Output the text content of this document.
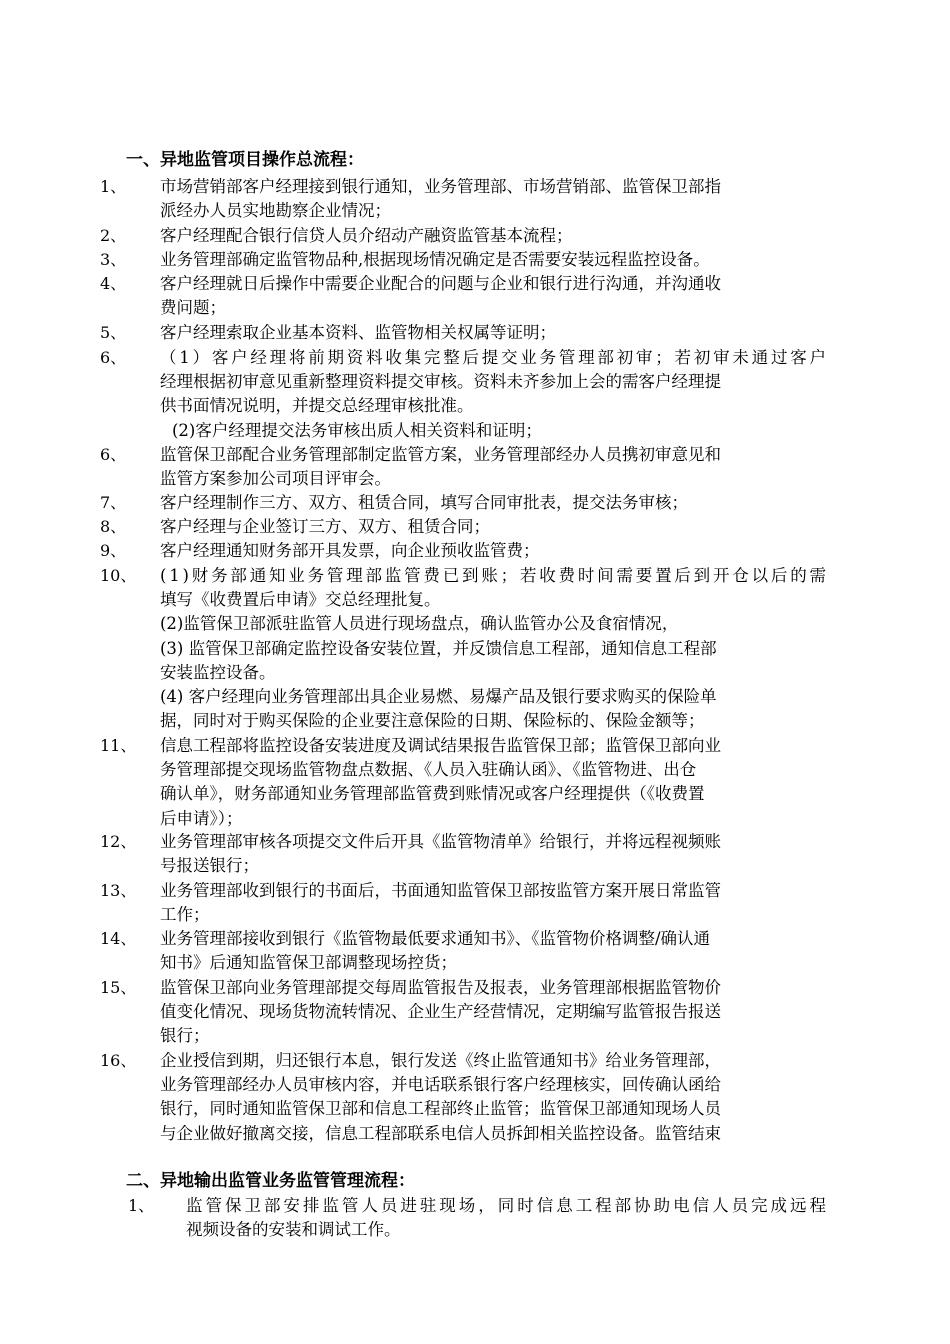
一、异地监管项目操作总流程：
1、 市场营销部客户经理接到银行通知，业务管理部、市场营销部、监管保卫部指
派经办人员实地勘察企业情况；
2、 客户经理配合银行信贷人员介绍动产融资监管基本流程；
3、 业务管理部确定监管物品种,根据现场情况确定是否需要安装远程监控设备。
4、 客户经理就日后操作中需要企业配合的问题与企业和银行进行沟通，并沟通收
费问题；
5、 客户经理索取企业基本资料、监管物相关权属等证明；
6、 （1）客户经理将前期资料收集完整后提交业务管理部初审；若初审未通过客户
经理根据初审意见重新整理资料提交审核。资料未齐参加上会的需客户经理提
供书面情况说明，并提交总经理审核批准。
(2)客户经理提交法务审核出质人相关资料和证明；
6、 监管保卫部配合业务管理部制定监管方案，业务管理部经办人员携初审意见和
监管方案参加公司项目评审会。
7、 客户经理制作三方、双方、租赁合同，填写合同审批表，提交法务审核；
8、 客户经理与企业签订三方、双方、租赁合同；
9、 客户经理通知财务部开具发票，向企业预收监管费；
10、 (1)财务部通知业务管理部监管费已到账；若收费时间需要置后到开仓以后的需
填写《收费置后申请》交总经理批复。
(2)监管保卫部派驻监管人员进行现场盘点，确认监管办公及食宿情况，
(3) 监管保卫部确定监控设备安装位置，并反馈信息工程部，通知信息工程部
安装监控设备。
(4) 客户经理向业务管理部出具企业易燃、易爆产品及银行要求购买的保险单
据，同时对于购买保险的企业要注意保险的日期、保险标的、保险金额等；
11、 信息工程部将监控设备安装进度及调试结果报告监管保卫部；监管保卫部向业
务管理部提交现场监管物盘点数据、《人员入驻确认函》、《监管物进、出仓
确认单》，财务部通知业务管理部监管费到账情况或客户经理提供（《收费置
后申请》）；
12、 业务管理部审核各项提交文件后开具《监管物清单》给银行，并将远程视频账
号报送银行；
13、 业务管理部收到银行的书面后，书面通知监管保卫部按监管方案开展日常监管
工作；
14、 业务管理部接收到银行《监管物最低要求通知书》、《监管物价格调整/确认通
知书》后通知监管保卫部调整现场控货；
15、 监管保卫部向业务管理部提交每周监管报告及报表，业务管理部根据监管物价
值变化情况、现场货物流转情况、企业生产经营情况，定期编写监管报告报送
银行；
16、 企业授信到期，归还银行本息，银行发送《终止监管通知书》给业务管理部，
业务管理部经办人员审核内容，并电话联系银行客户经理核实，回传确认函给
银行，同时通知监管保卫部和信息工程部终止监管；监管保卫部通知现场人员
与企业做好撤离交接，信息工程部联系电信人员拆卸相关监控设备。监管结束
二、异地输出监管业务监管管理流程：
1、 监管保卫部安排监管人员进驻现场，同时信息工程部协助电信人员完成远程
视频设备的安装和调试工作。
